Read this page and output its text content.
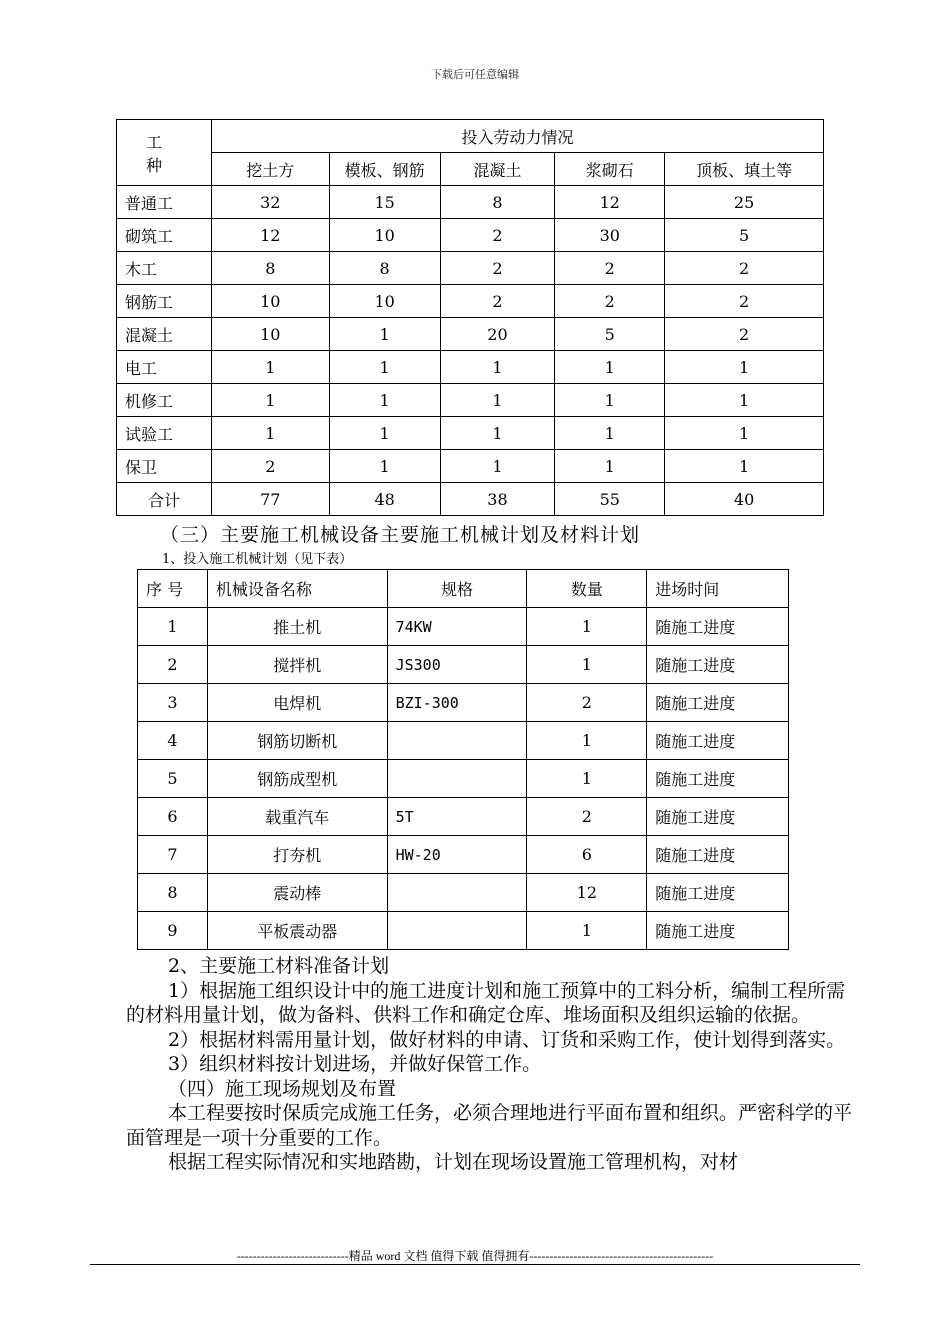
下载后可任意编辑
工 种	投入劳动力情况				
	挖土方	模板、钢筋	混凝土	浆砌石	顶板、填土等
普通工	32	15	8	12	25
砌筑工	12	10	2	30	5
木工	8	8	2	2	2
钢筋工	10	10	2	2	2
混凝土	10	1	20	5	2
电工	1	1	1	1	1
机修工	1	1	1	1	1
试验工	1	1	1	1	1
保卫	2	1	1	1	1
合计	77	48	38	55	40
（三）主要施工机械设备主要施工机械计划及材料计划
1、投入施工机械计划（见下表）
序 号	机械设备名称	规格	数量	进场时间
1	推土机	74KW	1	随施工进度
2	搅拌机	JS300	1	随施工进度
3	电焊机	BZI-300	2	随施工进度
4	钢筋切断机		1	随施工进度
5	钢筋成型机		1	随施工进度
6	载重汽车	5T	2	随施工进度
7	打夯机	HW-20	6	随施工进度
8	震动棒		12	随施工进度
9	平板震动器		1	随施工进度

2、主要施工材料准备计划

1）根据施工组织设计中的施工进度计划和施工预算中的工料分析，编制工程所需的材料用量计划，做为备料、供料工作和确定仓库、堆场面积及组织运输的依据。

2）根据材料需用量计划，做好材料的申请、订货和采购工作，使计划得到落实。

3）组织材料按计划进场，并做好保管工作。

（四）施工现场规划及布置

本工程要按时保质完成施工任务，必须合理地进行平面布置和组织。严密科学的平面管理是一项十分重要的工作。

根据工程实际情况和实地踏勘，计划在现场设置施工管理机构，对材

----------------------------精品 word 文档 值得下载 值得拥有----------------------------------------------
